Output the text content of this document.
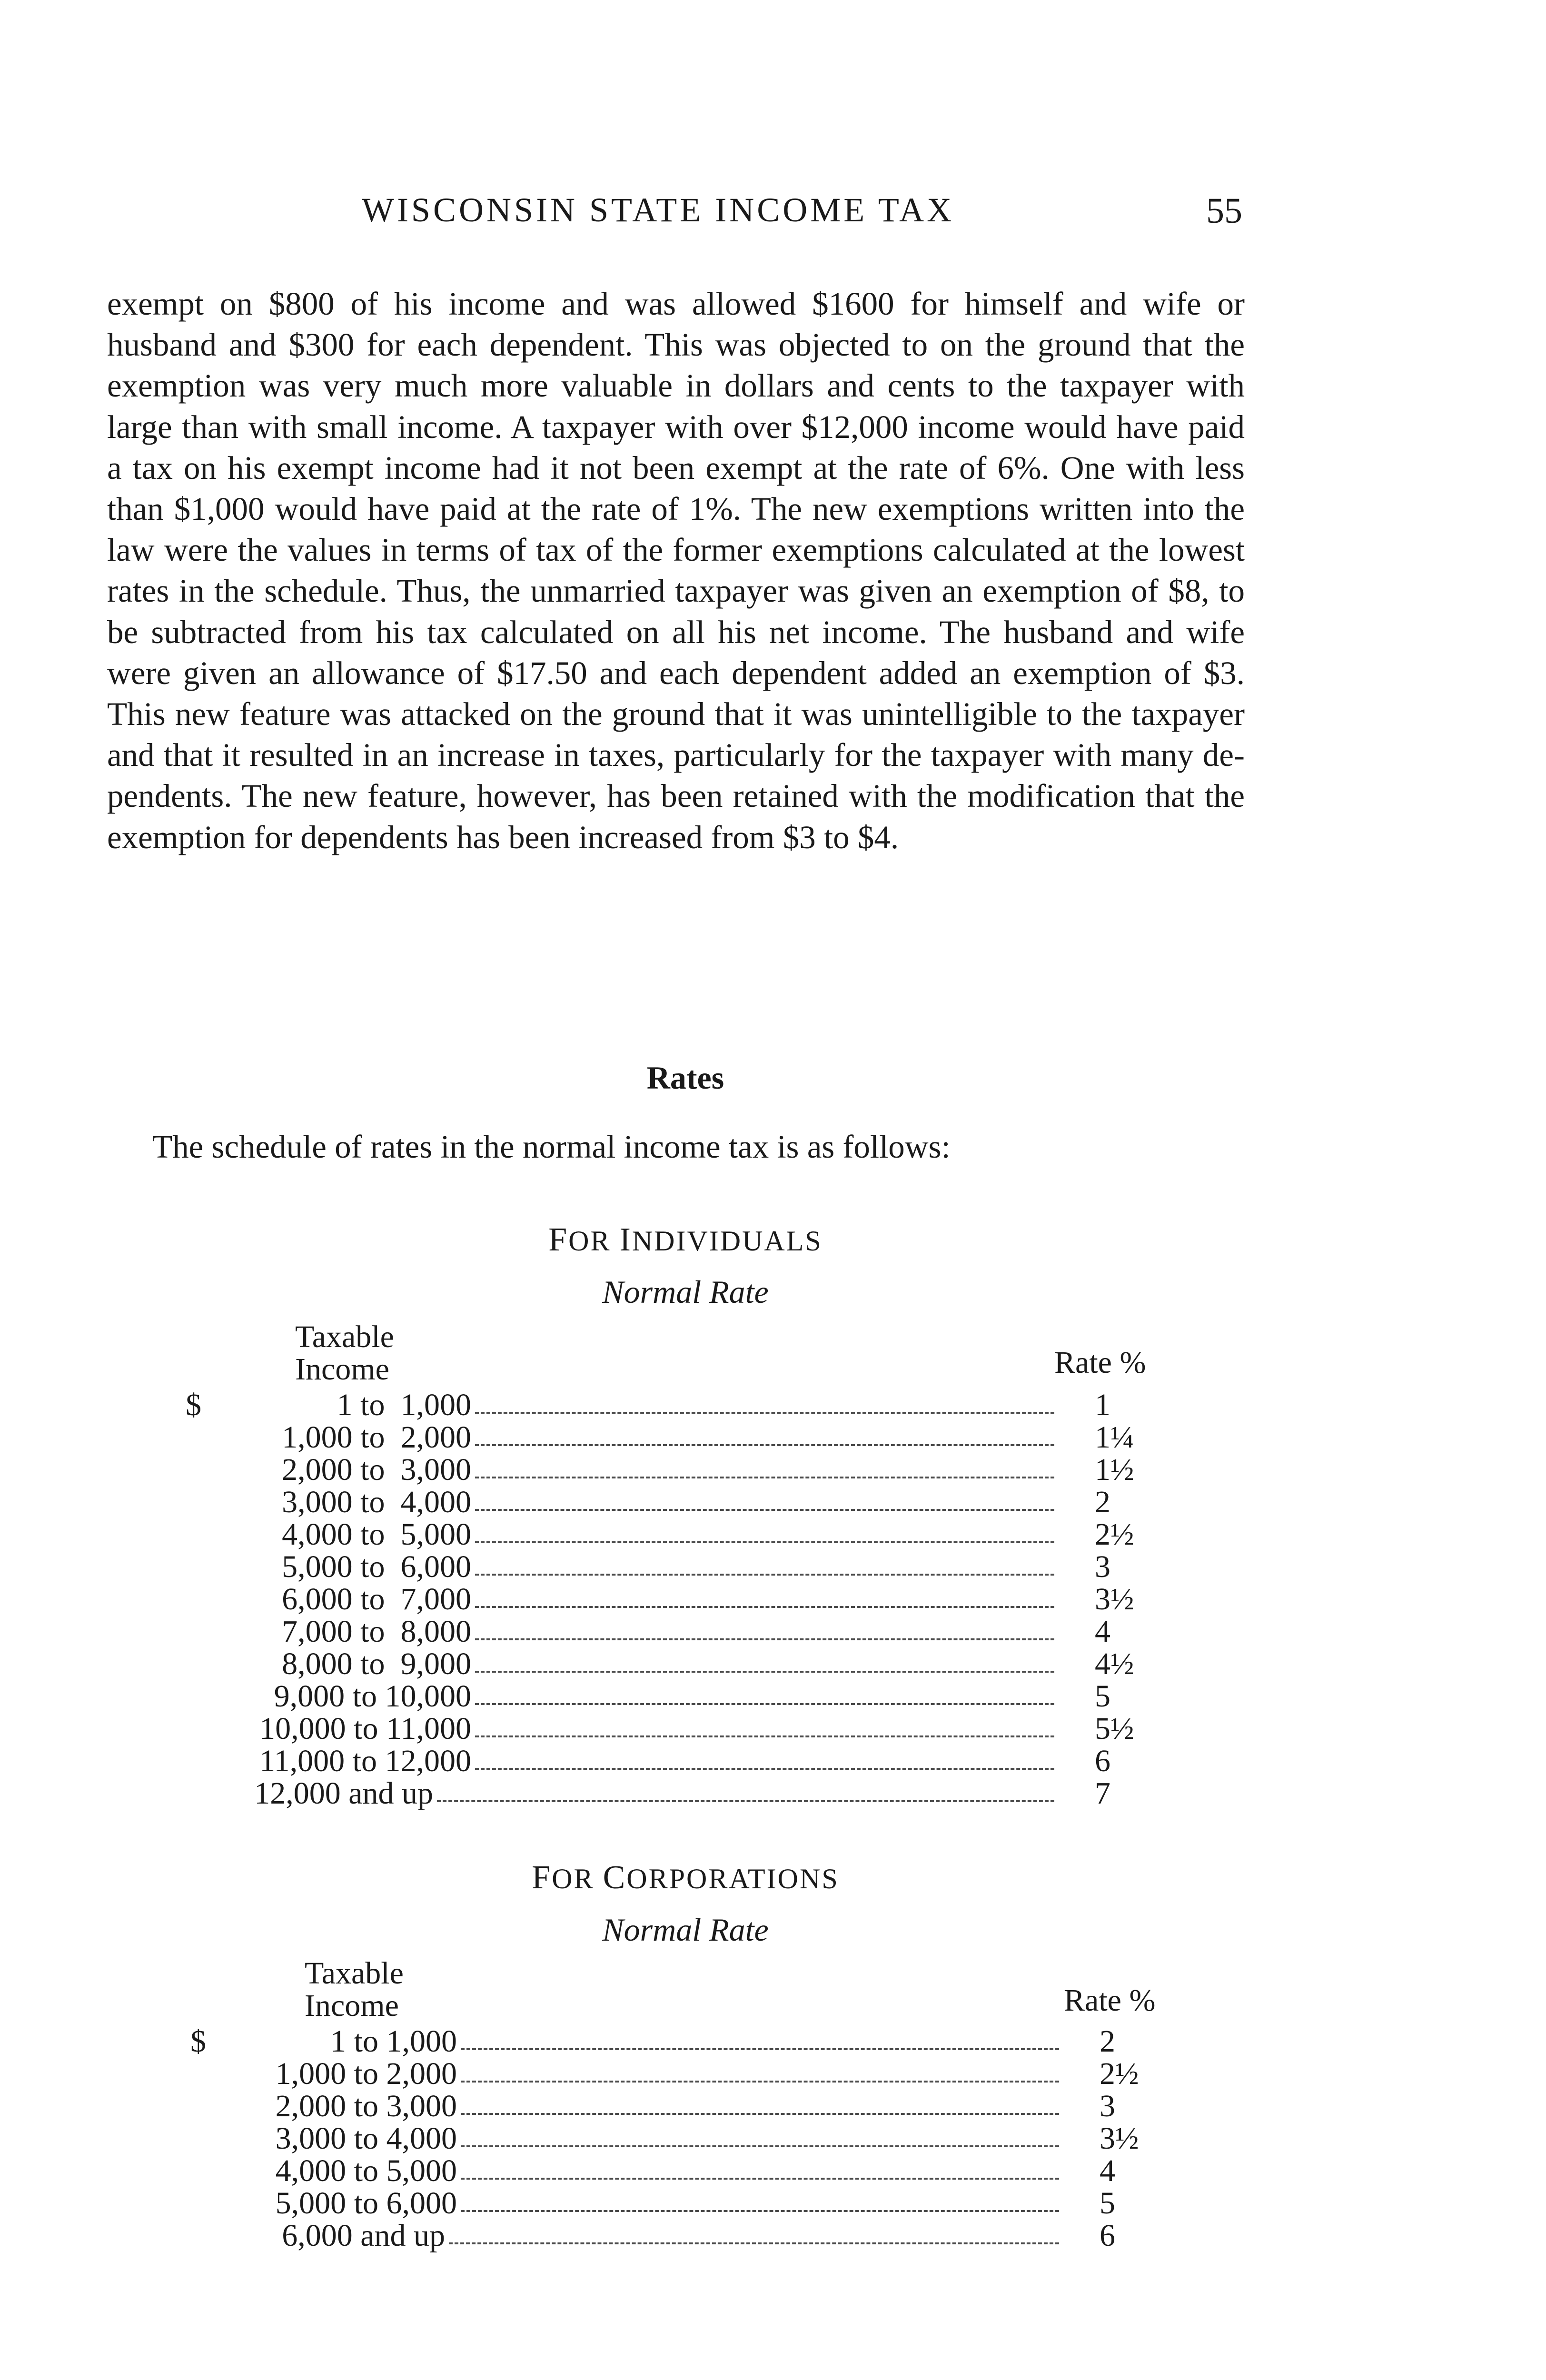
WISCONSIN STATE INCOME TAX	55
exempt on $800 of his income and was allowed $1600 for himself and wife or husband and $300 for each dependent. This was objected to on the ground that the exemption was very much more valuable in dollars and cents to the taxpayer with large than with small income. A taxpayer with over $12,000 income would have paid a tax on his exempt income had it not been exempt at the rate of 6%. One with less than $1,000 would have paid at the rate of 1%. The new exemptions written into the law were the values in terms of tax of the former exemptions calculated at the lowest rates in the schedule. Thus, the unmarried taxpayer was given an exemption of $8, to be subtracted from his tax calculated on all his net income. The husband and wife were given an allowance of $17.50 and each dependent added an exemption of $3. This new feature was attacked on the ground that it was unintelligible to the taxpayer and that it resulted in an increase in taxes, particularly for the taxpayer with many dependents. The new feature, however, has been retained with the modification that the exemption for dependents has been increased from $3 to $4.
Rates
The schedule of rates in the normal income tax is as follows:
FOR INDIVIDUALS
Normal Rate
Taxable
Income	Rate %
$	1 to  1,000	1
1,000 to  2,000	1¼
2,000 to  3,000	1½
3,000 to  4,000	2
4,000 to  5,000	2½
5,000 to  6,000	3
6,000 to  7,000	3½
7,000 to  8,000	4
8,000 to  9,000	4½
9,000 to 10,000	5
10,000 to 11,000	5½
11,000 to 12,000	6
12,000 and up	7
FOR CORPORATIONS
Normal Rate
Taxable
Income	Rate %
$	1 to 1,000	2
1,000 to 2,000	2½
2,000 to 3,000	3
3,000 to 4,000	3½
4,000 to 5,000	4
5,000 to 6,000	5
6,000 and up	6
